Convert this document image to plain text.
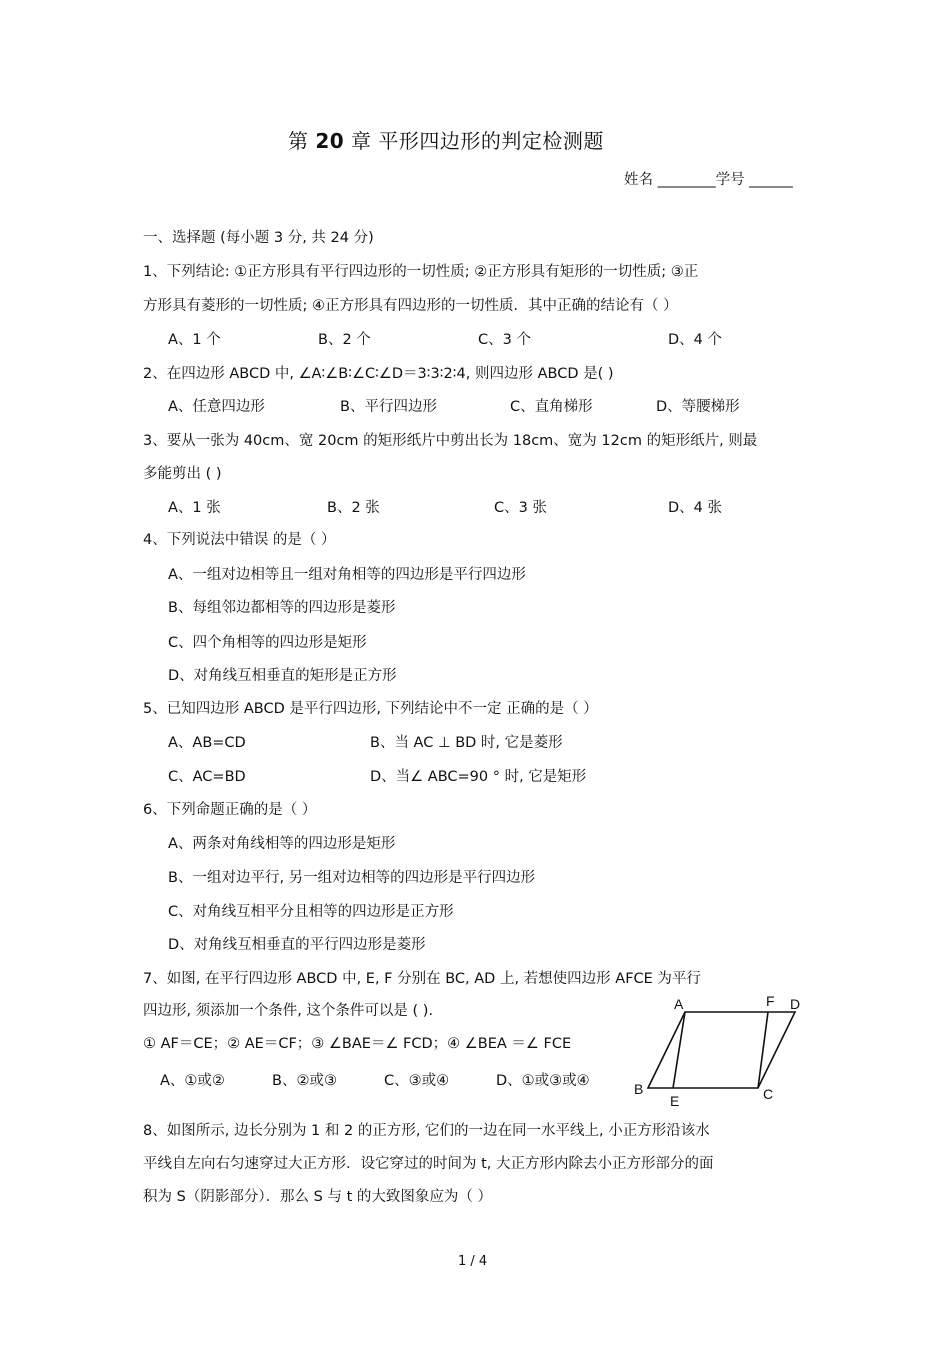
第 20 章 平形四边形的判定检测题
姓名 ________学号 ______
一、选择题 (每小题 3 分, 共 24 分)
1、下列结论: ①正方形具有平行四边形的一切性质; ②正方形具有矩形的一切性质; ③正
方形具有菱形的一切性质; ④正方形具有四边形的一切性质．其中正确的结论有（ ）
A、1 个	B、2 个	C、3 个	D、4 个
2、在四边形 ABCD 中, ∠A∶∠B∶∠C∶∠D＝3∶3∶2∶4, 则四边形 ABCD 是( )
A、任意四边形	B、平行四边形	C、直角梯形	D、等腰梯形
3、要从一张为 40cm、宽 20cm 的矩形纸片中剪出长为 18cm、宽为 12cm 的矩形纸片, 则最
多能剪出 ( )
A、1 张	B、2 张	C、3 张	D、4 张
4、下列说法中错误 的是（ ）
A、一组对边相等且一组对角相等的四边形是平行四边形
B、每组邻边都相等的四边形是菱形
C、四个角相等的四边形是矩形
D、对角线互相垂直的矩形是正方形
5、已知四边形 ABCD 是平行四边形, 下列结论中不一定 正确的是（ ）
A、AB=CD	B、当 AC ⊥ BD 时, 它是菱形
C、AC=BD	D、当∠ ABC=90 ° 时, 它是矩形
6、下列命题正确的是（ ）
A、两条对角线相等的四边形是矩形
B、一组对边平行, 另一组对边相等的四边形是平行四边形
C、对角线互相平分且相等的四边形是正方形
D、对角线互相垂直的平行四边形是菱形
7、如图, 在平行四边形 ABCD 中, E, F 分别在 BC, AD 上, 若想使四边形 AFCE 为平行
四边形, 须添加一个条件, 这个条件可以是 ( ).
① AF＝CE；② AE＝CF；③ ∠BAE＝∠ FCD；④ ∠BEA ＝∠ FCE
A、①或②	B、②或③	C、③或④	D、①或③或④
A	F D
B
E	C
8、如图所示, 边长分别为 1 和 2 的正方形, 它们的一边在同一水平线上, 小正方形沿该水
平线自左向右匀速穿过大正方形．设它穿过的时间为 t, 大正方形内除去小正方形部分的面
积为 S（阴影部分）．那么 S 与 t 的大致图象应为（ ）
1 / 4
